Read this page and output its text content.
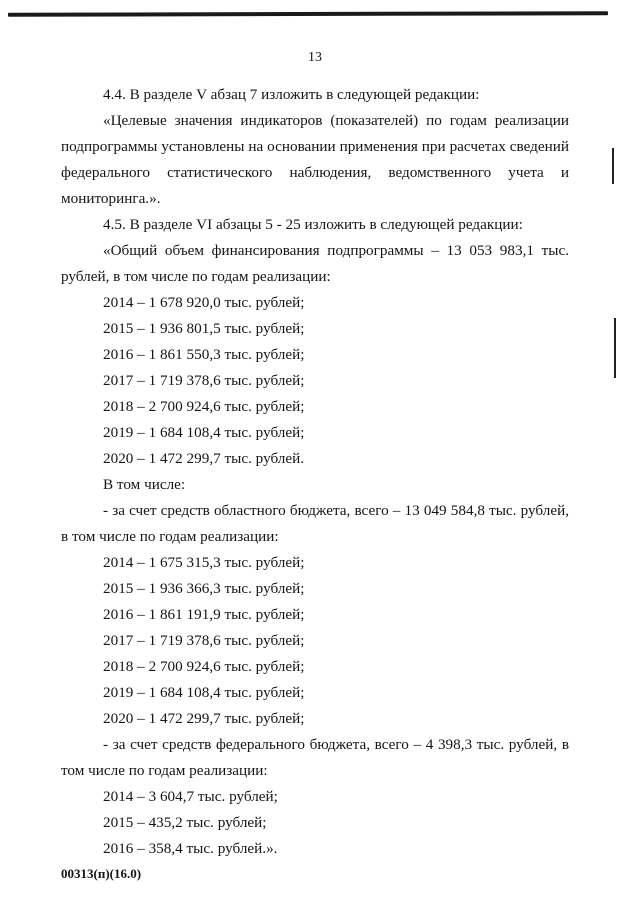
13

4.4. В разделе V абзац 7 изложить в следующей редакции:

«Целевые значения индикаторов (показателей) по годам реализации

подпрограммы установлены на основании применения при расчетах сведений

федерального статистического наблюдения, ведомственного учета и

мониторинга.».

4.5. В разделе VI абзацы 5 - 25 изложить в следующей редакции:

«Общий объем финансирования подпрограммы – 13 053 983,1 тыс.

рублей, в том числе по годам реализации:

2014 – 1 678 920,0 тыс. рублей;

2015 – 1 936 801,5 тыс. рублей;

2016 – 1 861 550,3 тыс. рублей;

2017 – 1 719 378,6 тыс. рублей;

2018 – 2 700 924,6 тыс. рублей;

2019 – 1 684 108,4 тыс. рублей;

2020 – 1 472 299,7 тыс. рублей.

В том числе:

- за счет средств областного бюджета, всего – 13 049 584,8 тыс. рублей,

в том числе по годам реализации:

2014 – 1 675 315,3 тыс. рублей;

2015 – 1 936 366,3 тыс. рублей;

2016 – 1 861 191,9 тыс. рублей;

2017 – 1 719 378,6 тыс. рублей;

2018 – 2 700 924,6 тыс. рублей;

2019 – 1 684 108,4 тыс. рублей;

2020 – 1 472 299,7 тыс. рублей;

- за счет средств федерального бюджета, всего – 4 398,3 тыс. рублей, в

том числе по годам реализации:

2014 – 3 604,7 тыс. рублей;

2015 – 435,2 тыс. рублей;

2016 – 358,4 тыс. рублей.».

00313(п)(16.0)
